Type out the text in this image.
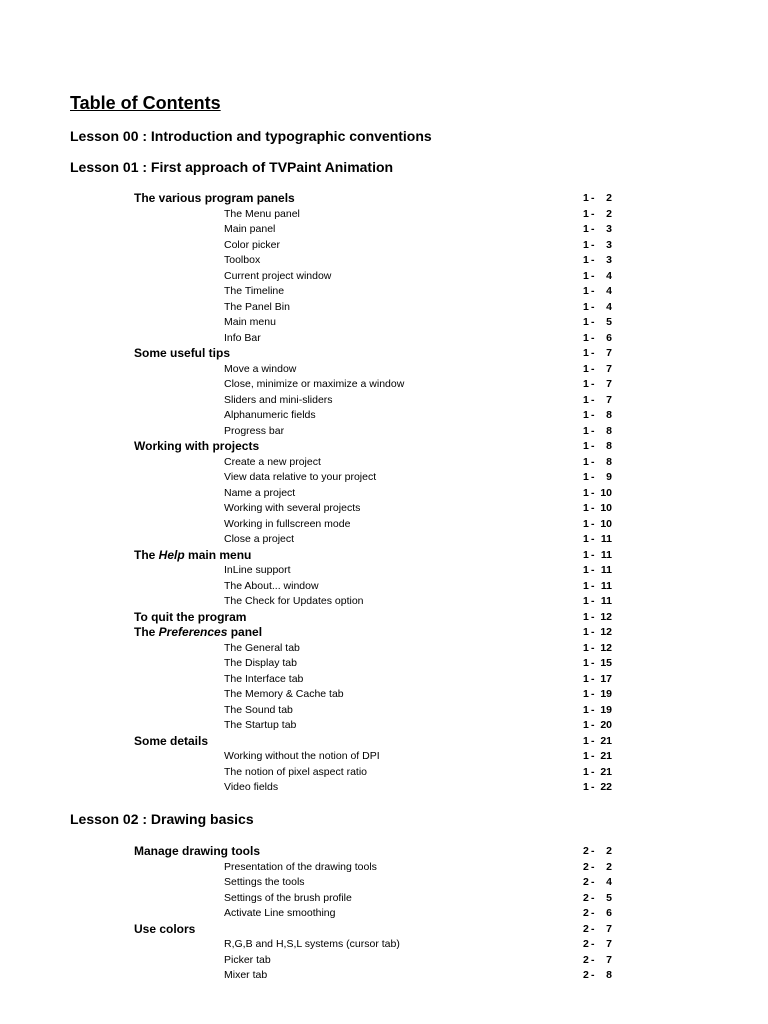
Table of Contents
Lesson 00 : Introduction and typographic conventions
Lesson 01 : First approach of TVPaint Animation
The various program panels	1 - 2
The Menu panel	1 - 2
Main panel	1 - 3
Color picker	1 - 3
Toolbox	1 - 3
Current project window	1 - 4
The Timeline	1 - 4
The Panel Bin	1 - 4
Main menu	1 - 5
Info Bar	1 - 6
Some useful tips	1 - 7
Move a window	1 - 7
Close, minimize or maximize a window	1 - 7
Sliders and mini-sliders	1 - 7
Alphanumeric fields	1 - 8
Progress bar	1 - 8
Working with projects	1 - 8
Create a new project	1 - 8
View data relative to your project	1 - 9
Name a project	1 - 10
Working with several projects	1 - 10
Working in fullscreen mode	1 - 10
Close a project	1 - 11
The Help main menu	1 - 11
InLine support	1 - 11
The About... window	1 - 11
The Check for Updates option	1 - 11
To quit the program	1 - 12
The Preferences panel	1 - 12
The General tab	1 - 12
The Display tab	1 - 15
The Interface tab	1 - 17
The Memory & Cache tab	1 - 19
The Sound tab	1 - 19
The Startup tab	1 - 20
Some details	1 - 21
Working without the notion of DPI	1 - 21
The notion of pixel aspect ratio	1 - 21
Video fields	1 - 22
Lesson 02 : Drawing basics
Manage drawing tools	2 - 2
Presentation of the drawing tools	2 - 2
Settings the tools	2 - 4
Settings of the brush profile	2 - 5
Activate Line smoothing	2 - 6
Use colors	2 - 7
R,G,B and H,S,L systems (cursor tab)	2 - 7
Picker tab	2 - 7
Mixer tab	2 - 8
